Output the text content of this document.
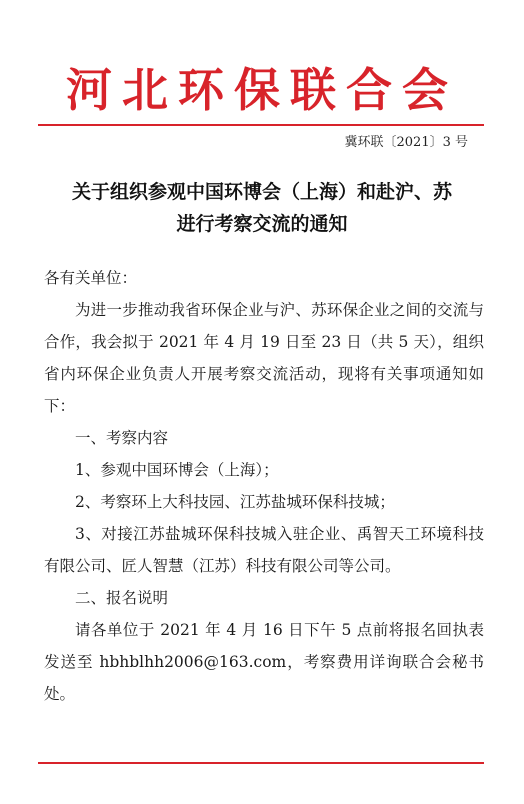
河北环保联合会
冀环联〔2021〕3 号
关于组织参观中国环博会（上海）和赴沪、苏
进行考察交流的通知

各有关单位：

为进一步推动我省环保企业与沪、苏环保企业之间的交流与合作，我会拟于 2021 年 4 月 19 日至 23 日（共 5 天），组织省内环保企业负责人开展考察交流活动，现将有关事项通知如下：

一、考察内容

1、参观中国环博会（上海）；

2、考察环上大科技园、江苏盐城环保科技城；

3、对接江苏盐城环保科技城入驻企业、禹智天工环境科技有限公司、匠人智慧（江苏）科技有限公司等公司。

二、报名说明

请各单位于 2021 年 4 月 16 日下午 5 点前将报名回执表发送至 hbhblhh2006@163.com，考察费用详询联合会秘书处。
